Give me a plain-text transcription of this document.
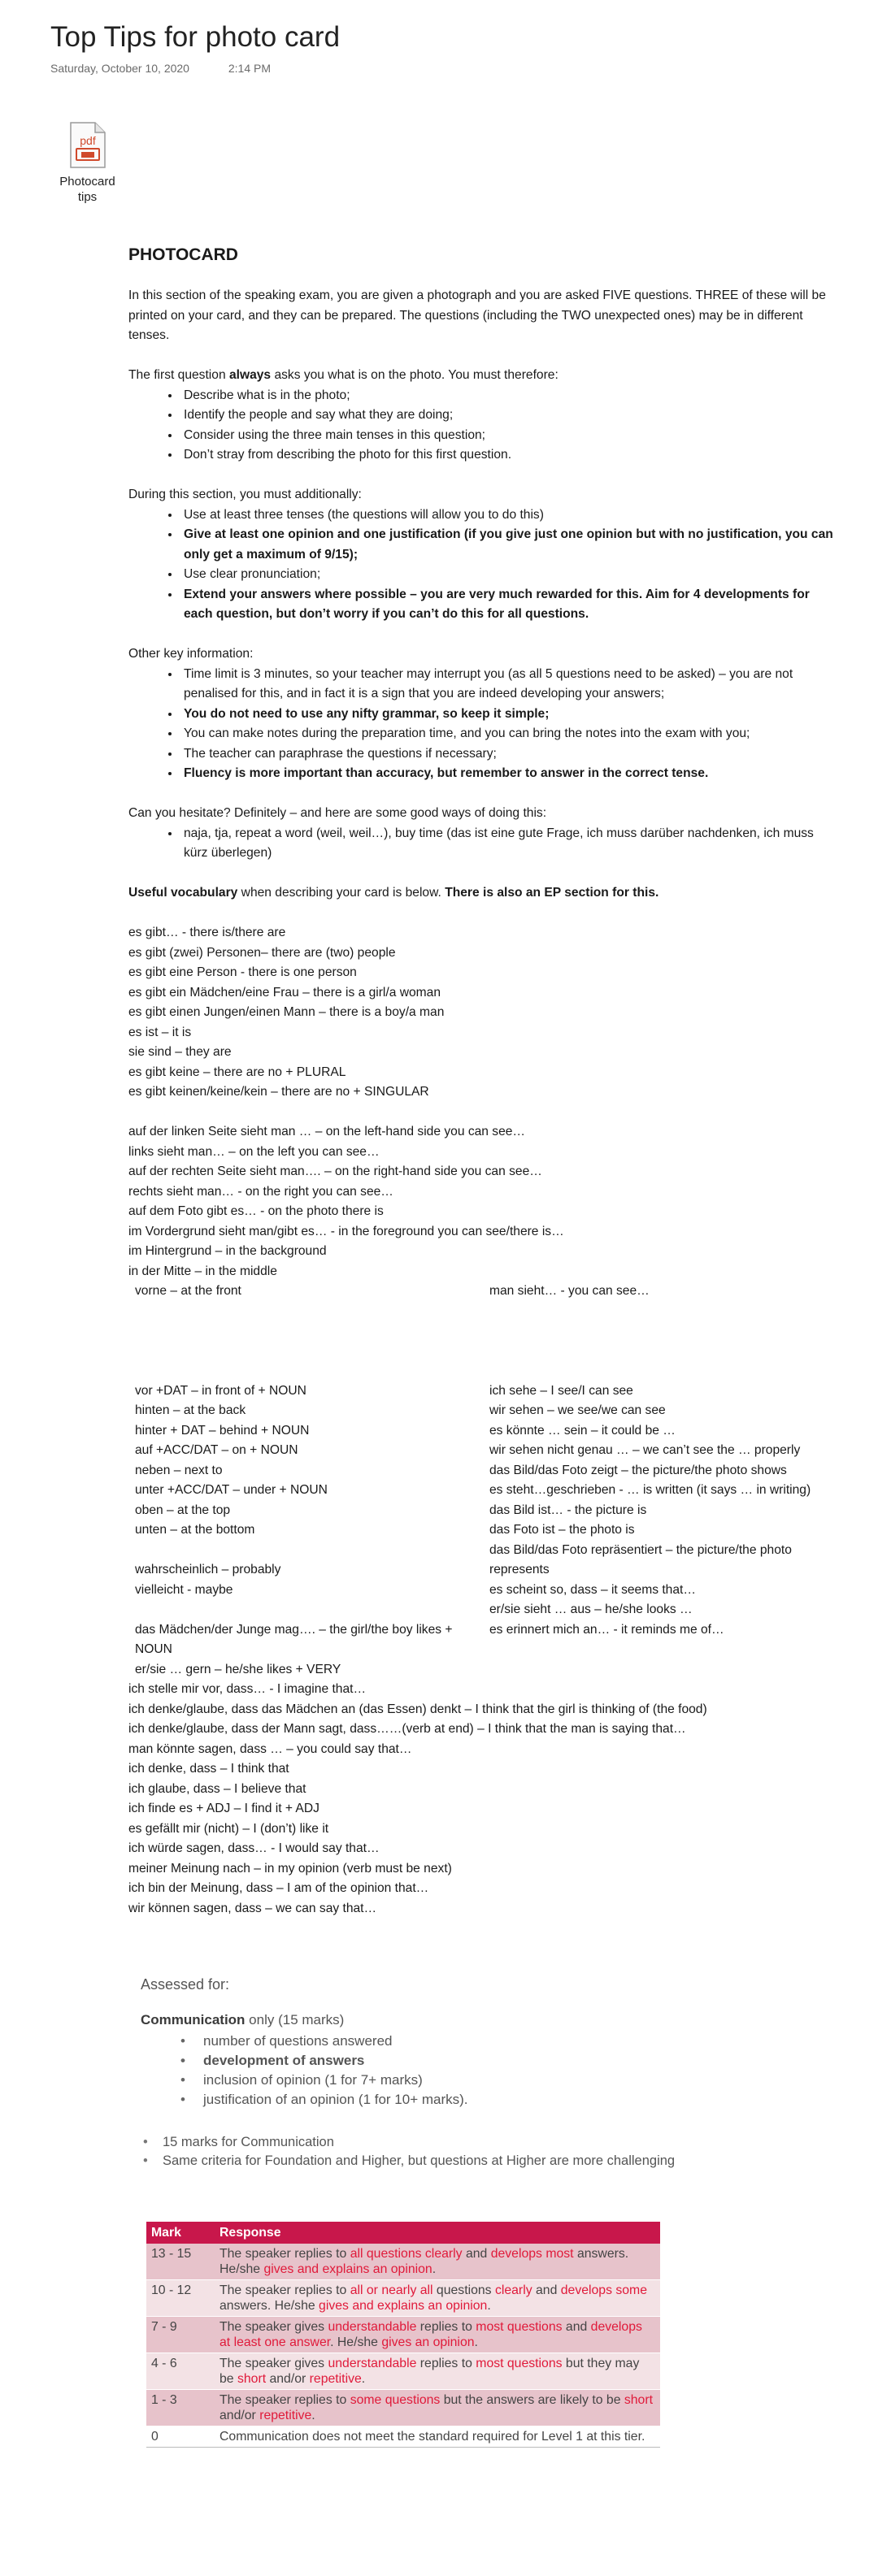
Top Tips for photo card
Saturday, October 10, 2020	2:14 PM
pdf
Photocard
tips

PHOTOCARD

In this section of the speaking exam, you are given a photograph and you are asked FIVE questions. THREE of these will be printed on your card, and they can be prepared. The questions (including the TWO unexpected ones) may be in different tenses.

The first question always asks you what is on the photo. You must therefore:

• Describe what is in the photo;
• Identify the people and say what they are doing;
• Consider using the three main tenses in this question;
• Don’t stray from describing the photo for this first question.

During this section, you must additionally:

• Use at least three tenses (the questions will allow you to do this)
• Give at least one opinion and one justification (if you give just one opinion but with no justification, you can only get a maximum of 9/15);
• Use clear pronunciation;
• Extend your answers where possible – you are very much rewarded for this. Aim for 4 developments for each question, but don’t worry if you can’t do this for all questions.

Other key information:

• Time limit is 3 minutes, so your teacher may interrupt you (as all 5 questions need to be asked) – you are not penalised for this, and in fact it is a sign that you are indeed developing your answers;
• You do not need to use any nifty grammar, so keep it simple;
• You can make notes during the preparation time, and you can bring the notes into the exam with you;
• The teacher can paraphrase the questions if necessary;
• Fluency is more important than accuracy, but remember to answer in the correct tense.

Can you hesitate? Definitely – and here are some good ways of doing this:

• naja, tja, repeat a word (weil, weil…), buy time (das ist eine gute Frage, ich muss darüber nachdenken, ich muss kürz überlegen)

Useful vocabulary when describing your card is below. There is also an EP section for this.

es gibt… - there is/there are

es gibt (zwei) Personen– there are (two) people

es gibt eine Person - there is one person

es gibt ein Mädchen/eine Frau – there is a girl/a woman

es gibt einen Jungen/einen Mann – there is a boy/a man

es ist – it is

sie sind – they are

es gibt keine – there are no + PLURAL

es gibt keinen/keine/kein – there are no + SINGULAR

auf der linken Seite sieht man … – on the left-hand side you can see…

links sieht man… – on the left you can see…

auf der rechten Seite sieht man…. – on the right-hand side you can see…

rechts sieht man… - on the right you can see…

auf dem Foto gibt es… - on the photo there is

im Vordergrund sieht man/gibt es… - in the foreground you can see/there is…

im Hintergrund – in the background

in der Mitte – in the middle

vorne – at the front

vor +DAT – in front of + NOUN

hinten – at the back

hinter + DAT – behind + NOUN

auf +ACC/DAT – on + NOUN

neben – next to

unter +ACC/DAT – under + NOUN

oben – at the top

unten – at the bottom

wahrscheinlich – probably

vielleicht - maybe

das Mädchen/der Junge mag…. – the girl/the boy likes + NOUN

er/sie … gern – he/she likes + VERY

man sieht… - you can see…

ich sehe – I see/I can see

wir sehen – we see/we can see

es könnte … sein – it could be …

wir sehen nicht genau … – we can’t see the … properly

das Bild/das Foto zeigt – the picture/the photo shows

es steht…geschrieben - … is written (it says … in writing)

das Bild ist… - the picture is

das Foto ist – the photo is

das Bild/das Foto repräsentiert – the picture/the photo represents

es scheint so, dass – it seems that…

er/sie sieht … aus – he/she looks …

es erinnert mich an… - it reminds me of…

ich stelle mir vor, dass… - I imagine that…

ich denke/glaube, dass das Mädchen an (das Essen) denkt – I think that the girl is thinking of (the food)

ich denke/glaube, dass der Mann sagt, dass……(verb at end) – I think that the man is saying that…

man könnte sagen, dass … – you could say that…

ich denke, dass – I think that

ich glaube, dass – I believe that

ich finde es + ADJ – I find it + ADJ

es gefällt mir (nicht) – I (don’t) like it

ich würde sagen, dass… - I would say that…

meiner Meinung nach – in my opinion (verb must be next)

ich bin der Meinung, dass – I am of the opinion that…

wir können sagen, dass – we can say that…

Assessed for:

Communication only (15 marks)

• number of questions answered
• development of answers
• inclusion of opinion (1 for 7+ marks)
• justification of an opinion (1 for 10+ marks).
• 15 marks for Communication
• Same criteria for Foundation and Higher, but questions at Higher are more challenging
Mark	Response
13 - 15	The speaker replies to all questions clearly and develops most answers. He/she gives and explains an opinion.
10 - 12	The speaker replies to all or nearly all questions clearly and develops some answers. He/she gives and explains an opinion.
7 - 9	The speaker gives understandable replies to most questions and develops at least one answer. He/she gives an opinion.
4 - 6	The speaker gives understandable replies to most questions but they may be short and/or repetitive.
1 - 3	The speaker replies to some questions but the answers are likely to be short and/or repetitive.
0	Communication does not meet the standard required for Level 1 at this tier.
